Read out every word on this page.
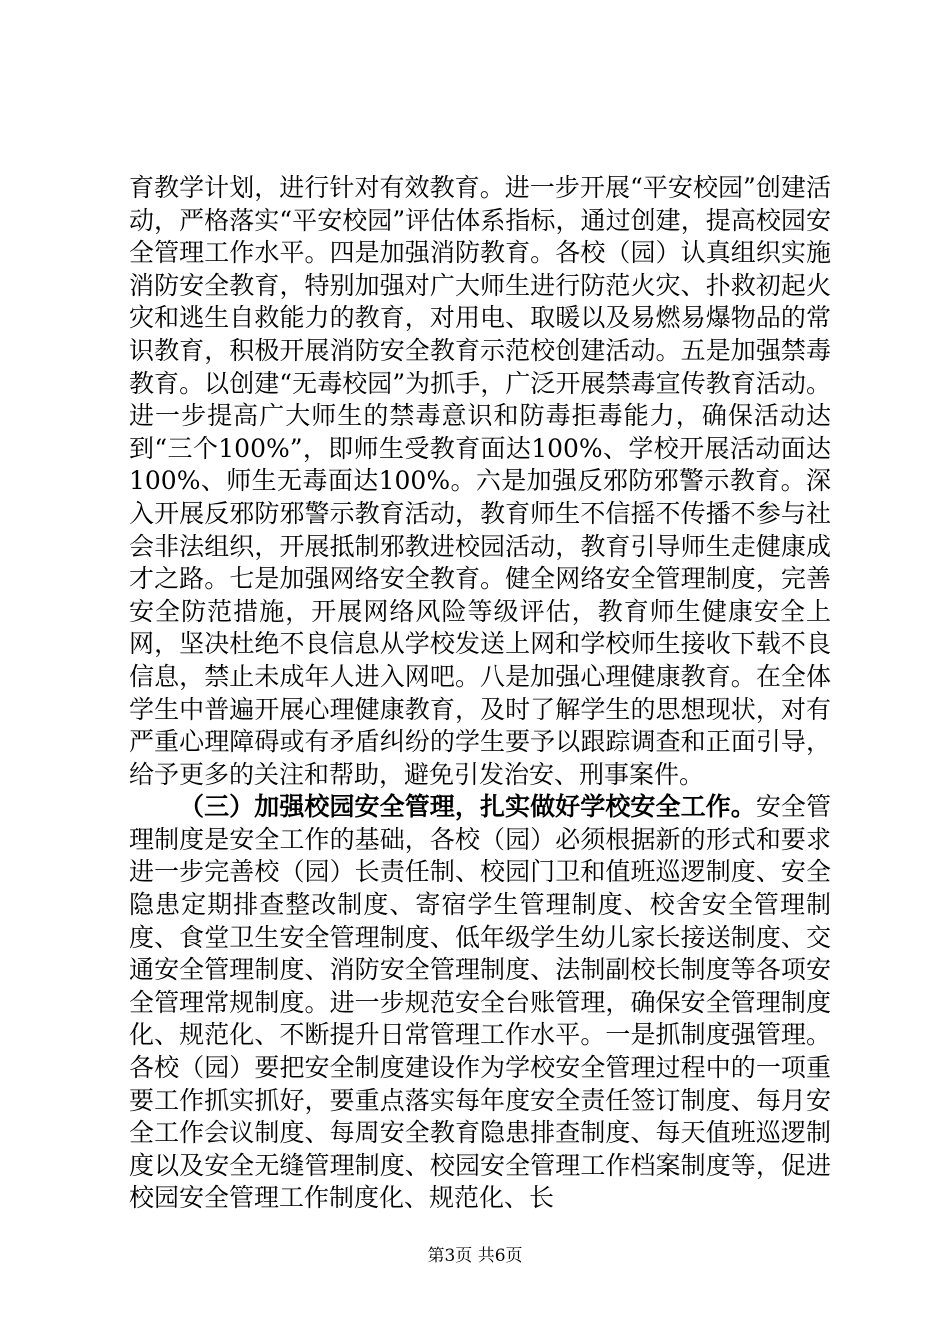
育教学计划，进行针对有效教育。进一步开展“平安校园”创建活动，严格落实“平安校园”评估体系指标，通过创建，提高校园安全管理工作水平。四是加强消防教育。各校（园）认真组织实施消防安全教育，特别加强对广大师生进行防范火灾、扑救初起火灾和逃生自救能力的教育，对用电、取暖以及易燃易爆物品的常识教育，积极开展消防安全教育示范校创建活动。五是加强禁毒教育。以创建“无毒校园”为抓手，广泛开展禁毒宣传教育活动。进一步提高广大师生的禁毒意识和防毒拒毒能力，确保活动达到“三个100%”，即师生受教育面达100%、学校开展活动面达100%、师生无毒面达100%。六是加强反邪防邪警示教育。深入开展反邪防邪警示教育活动，教育师生不信摇不传播不参与社会非法组织，开展抵制邪教进校园活动，教育引导师生走健康成才之路。七是加强网络安全教育。健全网络安全管理制度，完善安全防范措施，开展网络风险等级评估，教育师生健康安全上网，坚决杜绝不良信息从学校发送上网和学校师生接收下载不良信息，禁止未成年人进入网吧。八是加强心理健康教育。在全体学生中普遍开展心理健康教育，及时了解学生的思想现状，对有严重心理障碍或有矛盾纠纷的学生要予以跟踪调查和正面引导，给予更多的关注和帮助，避免引发治安、刑事案件。

（三）加强校园安全管理，扎实做好学校安全工作。安全管理制度是安全工作的基础，各校（园）必须根据新的形式和要求进一步完善校（园）长责任制、校园门卫和值班巡逻制度、安全隐患定期排查整改制度、寄宿学生管理制度、校舍安全管理制度、食堂卫生安全管理制度、低年级学生幼儿家长接送制度、交通安全管理制度、消防安全管理制度、法制副校长制度等各项安全管理常规制度。进一步规范安全台账管理，确保安全管理制度化、规范化、不断提升日常管理工作水平。一是抓制度强管理。各校（园）要把安全制度建设作为学校安全管理过程中的一项重要工作抓实抓好，要重点落实每年度安全责任签订制度、每月安全工作会议制度、每周安全教育隐患排查制度、每天值班巡逻制度以及安全无缝管理制度、校园安全管理工作档案制度等，促进校园安全管理工作制度化、规范化、长

第3页 共6页
